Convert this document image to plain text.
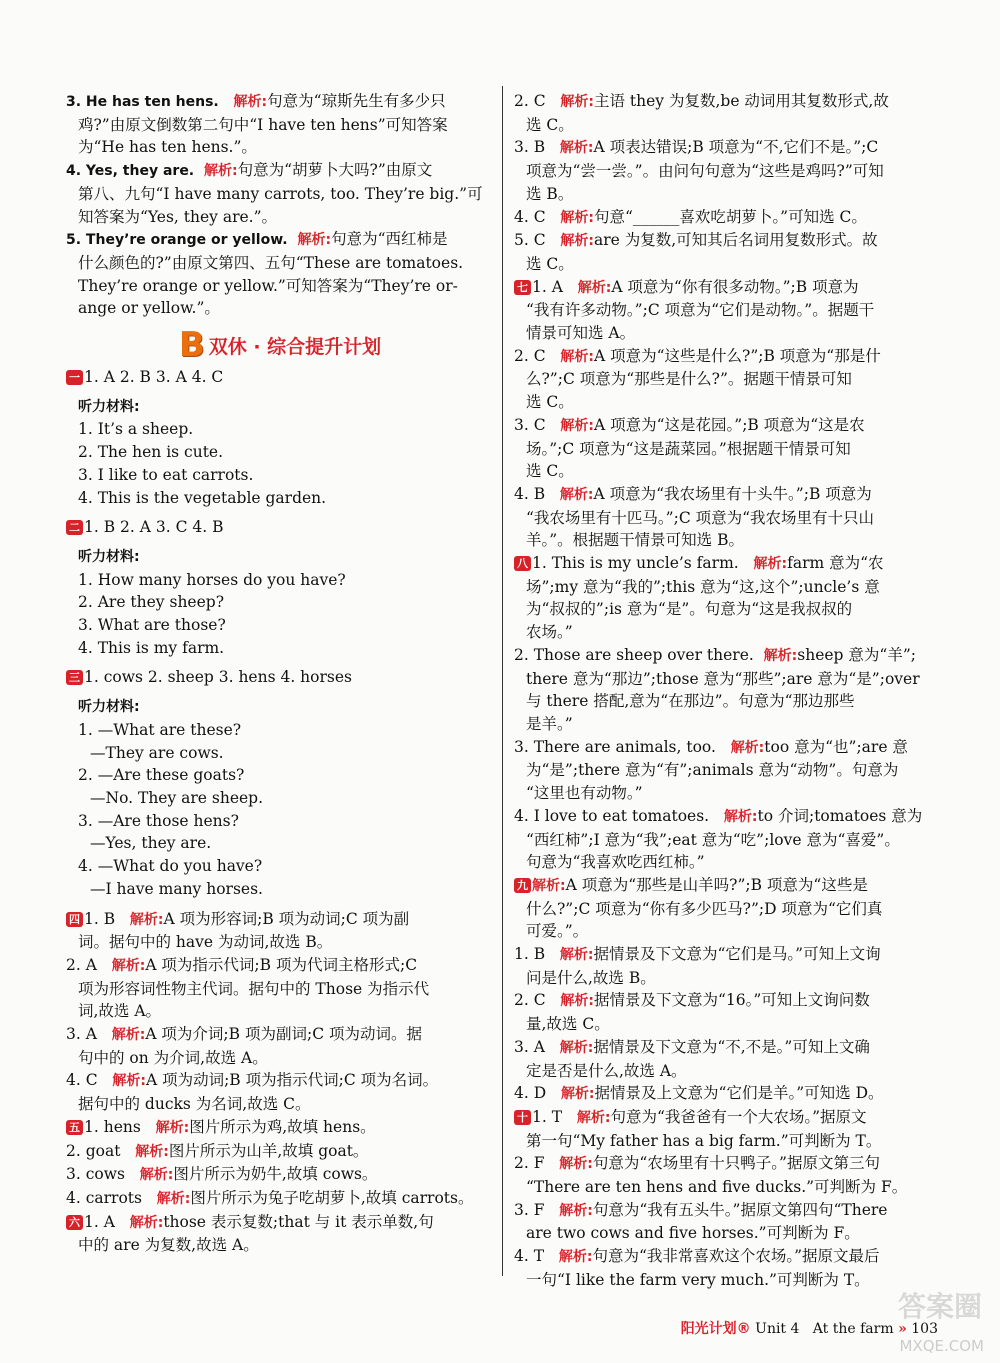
3. He has ten hens. 解析:句意为“琼斯先生有多少只
鸡?”由原文倒数第二句中“I have ten hens”可知答案
为“He has ten hens.”。
4. Yes, they are. 解析:句意为“胡萝卜大吗?”由原文
第八、九句“I have many carrots, too. They’re big.”可
知答案为“Yes, they are.”。
5. They’re orange or yellow. 解析:句意为“西红柿是
什么颜色的?”由原文第四、五句“These are tomatoes.
They’re orange or yellow.”可知答案为“They’re or-
ange or yellow.”。
B 双休 · 综合提升计划
一 1. A 2. B 3. A 4. C
听力材料:
1. It’s a sheep.
2. The hen is cute.
3. I like to eat carrots.
4. This is the vegetable garden.
二 1. B 2. A 3. C 4. B
听力材料:
1. How many horses do you have?
2. Are they sheep?
3. What are those?
4. This is my farm.
三 1. cows 2. sheep 3. hens 4. horses
听力材料:
1. —What are these?
—They are cows.
2. —Are these goats?
—No. They are sheep.
3. —Are those hens?
—Yes, they are.
4. —What do you have?
—I have many horses.
四 1. B 解析:A 项为形容词;B 项为动词;C 项为副
词。据句中的 have 为动词,故选 B。
2. A 解析:A 项为指示代词;B 项为代词主格形式;C
项为形容词性物主代词。据句中的 Those 为指示代
词,故选 A。
3. A 解析:A 项为介词;B 项为副词;C 项为动词。据
句中的 on 为介词,故选 A。
4. C 解析:A 项为动词;B 项为指示代词;C 项为名词。
据句中的 ducks 为名词,故选 C。
五 1. hens 解析:图片所示为鸡,故填 hens。
2. goat 解析:图片所示为山羊,故填 goat。
3. cows 解析:图片所示为奶牛,故填 cows。
4. carrots 解析:图片所示为兔子吃胡萝卜,故填 carrots。
六 1. A 解析:those 表示复数;that 与 it 表示单数,句
中的 are 为复数,故选 A。
2. C 解析:主语 they 为复数,be 动词用其复数形式,故
选 C。
3. B 解析:A 项表达错误;B 项意为“不,它们不是。”;C
项意为“尝一尝。”。由问句句意为“这些是鸡吗?”可知
选 B。
4. C 解析:句意“______喜欢吃胡萝卜。”可知选 C。
5. C 解析:are 为复数,可知其后名词用复数形式。故
选 C。
七 1. A 解析:A 项意为“你有很多动物。”;B 项意为
“我有许多动物。”;C 项意为“它们是动物。”。据题干
情景可知选 A。
2. C 解析:A 项意为“这些是什么?”;B 项意为“那是什
么?”;C 项意为“那些是什么?”。据题干情景可知
选 C。
3. C 解析:A 项意为“这是花园。”;B 项意为“这是农
场。”;C 项意为“这是蔬菜园。”根据题干情景可知
选 C。
4. B 解析:A 项意为“我农场里有十头牛。”;B 项意为
“我农场里有十匹马。”;C 项意为“我农场里有十只山
羊。”。根据题干情景可知选 B。
八 1. This is my uncle’s farm. 解析:farm 意为“农
场”;my 意为“我的”;this 意为“这,这个”;uncle’s 意
为“叔叔的”;is 意为“是”。句意为“这是我叔叔的
农场。”
2. Those are sheep over there. 解析:sheep 意为“羊”;
there 意为“那边”;those 意为“那些”;are 意为“是”;over
与 there 搭配,意为“在那边”。句意为“那边那些
是羊。”
3. There are animals, too. 解析:too 意为“也”;are 意
为“是”;there 意为“有”;animals 意为“动物”。句意为
“这里也有动物。”
4. I love to eat tomatoes. 解析:to 介词;tomatoes 意为
“西红柿”;I 意为“我”;eat 意为“吃”;love 意为“喜爱”。
句意为“我喜欢吃西红柿。”
九 解析:A 项意为“那些是山羊吗?”;B 项意为“这些是
什么?”;C 项意为“你有多少匹马?”;D 项意为“它们真
可爱。”。
1. B 解析:据情景及下文意为“它们是马。”可知上文询
问是什么,故选 B。
2. C 解析:据情景及下文意为“16。”可知上文询问数
量,故选 C。
3. A 解析:据情景及下文意为“不,不是。”可知上文确
定是否是什么,故选 A。
4. D 解析:据情景及上文意为“它们是羊。”可知选 D。
十 1. T 解析:句意为“我爸爸有一个大农场。”据原文
第一句“My father has a big farm.”可判断为 T。
2. F 解析:句意为“农场里有十只鸭子。”据原文第三句
“There are ten hens and five ducks.”可判断为 F。
3. F 解析:句意为“我有五头牛。”据原文第四句“There
are two cows and five horses.”可判断为 F。
4. T 解析:句意为“我非常喜欢这个农场。”据原文最后
一句“I like the farm very much.”可判断为 T。
阳光计划® Unit 4 At the farm » 103
答案圈
MXQE.COM
